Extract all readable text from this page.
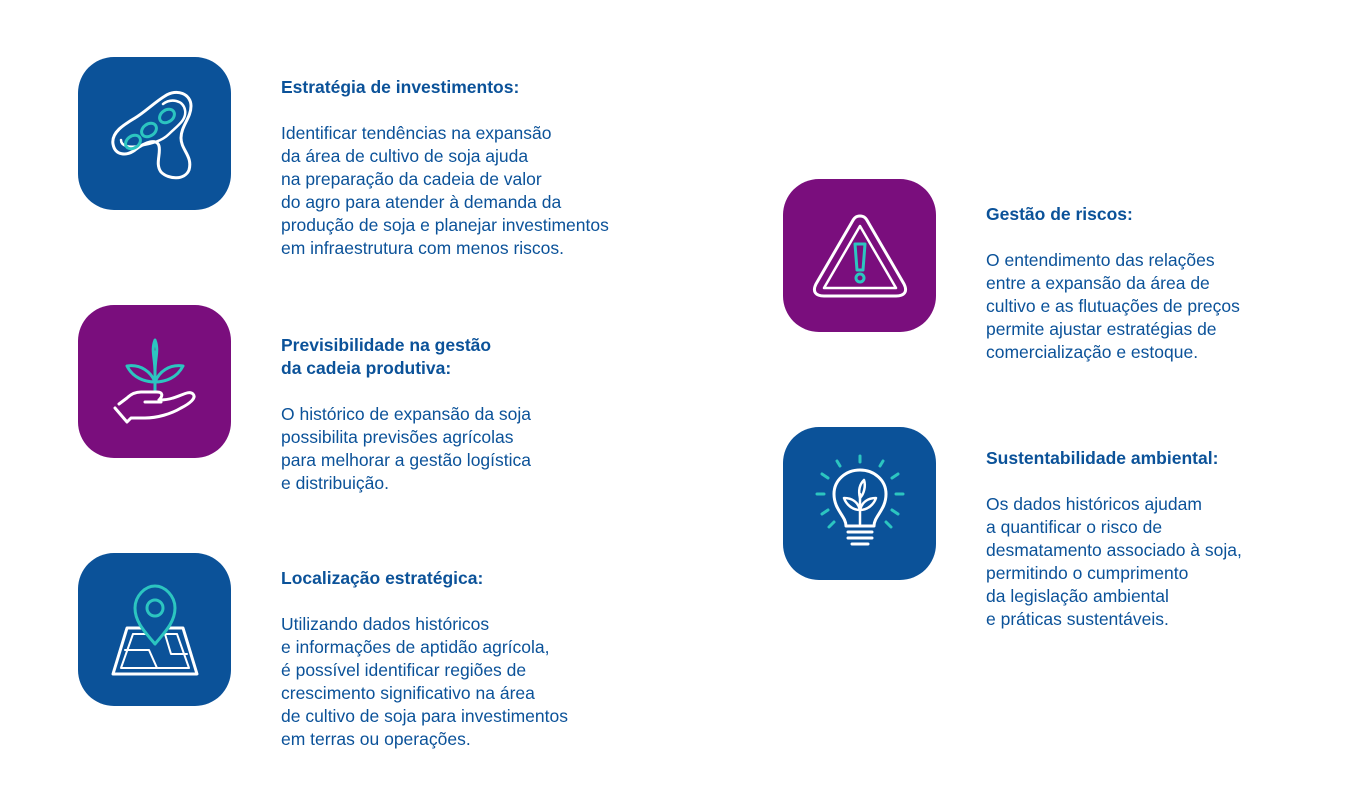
Estratégia de investimentos:

Identificar tendências na expansão
da área de cultivo de soja ajuda
na preparação da cadeia de valor
do agro para atender à demanda da
produção de soja e planejar investimentos
em infraestrutura com menos riscos.

Previsibilidade na gestão
da cadeia produtiva:

O histórico de expansão da soja
possibilita previsões agrícolas
para melhorar a gestão logística
e distribuição.

Localização estratégica:

Utilizando dados históricos
e informações de aptidão agrícola,
é possível identificar regiões de
crescimento significativo na área
de cultivo de soja para investimentos
em terras ou operações.

Gestão de riscos:

O entendimento das relações
entre a expansão da área de
cultivo e as flutuações de preços
permite ajustar estratégias de
comercialização e estoque.

Sustentabilidade ambiental:

Os dados históricos ajudam
a quantificar o risco de
desmatamento associado à soja,
permitindo o cumprimento
da legislação ambiental
e práticas sustentáveis.
